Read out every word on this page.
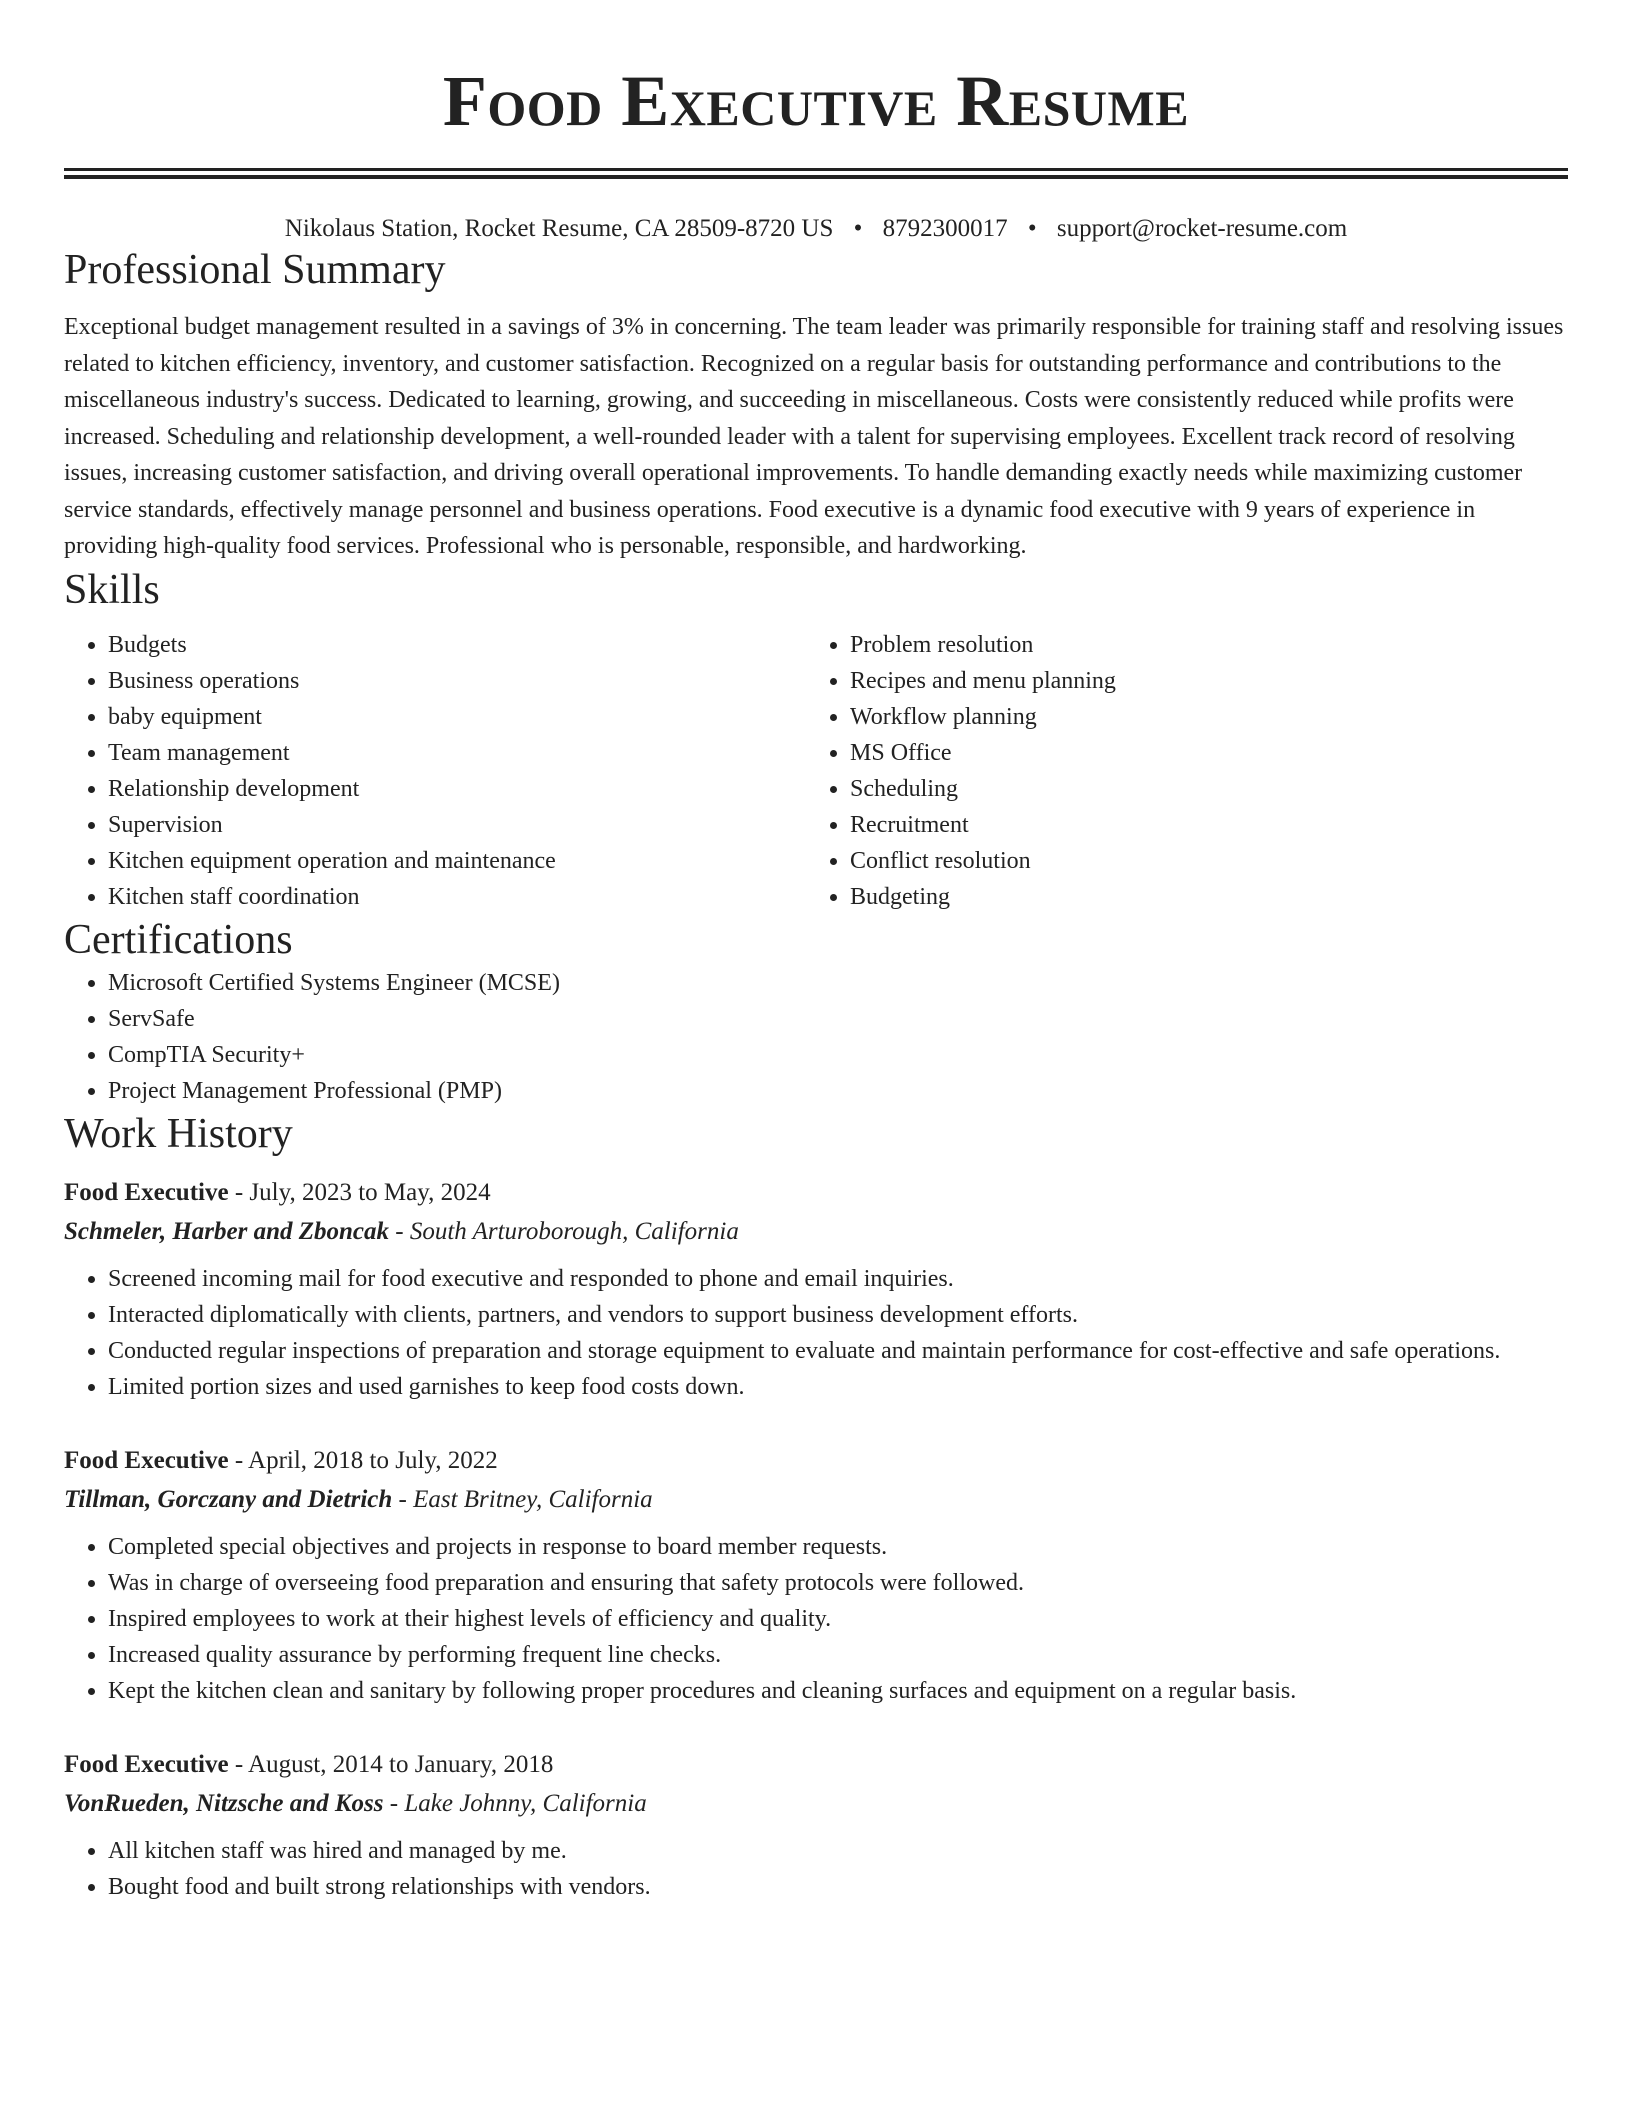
Food Executive Resume
Nikolaus Station, Rocket Resume, CA 28509-8720 US • 8792300017 • support@rocket-resume.com
Professional Summary

Exceptional budget management resulted in a savings of 3% in concerning. The team leader was primarily responsible for training staff and resolving issues related to kitchen efficiency, inventory, and customer satisfaction. Recognized on a regular basis for outstanding performance and contributions to the miscellaneous industry's success. Dedicated to learning, growing, and succeeding in miscellaneous. Costs were consistently reduced while profits were increased. Scheduling and relationship development, a well-rounded leader with a talent for supervising employees. Excellent track record of resolving issues, increasing customer satisfaction, and driving overall operational improvements. To handle demanding exactly needs while maximizing customer service standards, effectively manage personnel and business operations. Food executive is a dynamic food executive with 9 years of experience in providing high-quality food services. Professional who is personable, responsible, and hardworking.

Skills
• Budgets
• Business operations
• baby equipment
• Team management
• Relationship development
• Supervision
• Kitchen equipment operation and maintenance
• Kitchen staff coordination
• Problem resolution
• Recipes and menu planning
• Workflow planning
• MS Office
• Scheduling
• Recruitment
• Conflict resolution
• Budgeting
Certifications
• Microsoft Certified Systems Engineer (MCSE)
• ServSafe
• CompTIA Security+
• Project Management Professional (PMP)
Work History
Food Executive - July, 2023 to May, 2024
Schmeler, Harber and Zboncak - South Arturoborough, California
• Screened incoming mail for food executive and responded to phone and email inquiries.
• Interacted diplomatically with clients, partners, and vendors to support business development efforts.
• Conducted regular inspections of preparation and storage equipment to evaluate and maintain performance for cost-effective and safe operations.
• Limited portion sizes and used garnishes to keep food costs down.
Food Executive - April, 2018 to July, 2022
Tillman, Gorczany and Dietrich - East Britney, California
• Completed special objectives and projects in response to board member requests.
• Was in charge of overseeing food preparation and ensuring that safety protocols were followed.
• Inspired employees to work at their highest levels of efficiency and quality.
• Increased quality assurance by performing frequent line checks.
• Kept the kitchen clean and sanitary by following proper procedures and cleaning surfaces and equipment on a regular basis.
Food Executive - August, 2014 to January, 2018
VonRueden, Nitzsche and Koss - Lake Johnny, California
• All kitchen staff was hired and managed by me.
• Bought food and built strong relationships with vendors.
